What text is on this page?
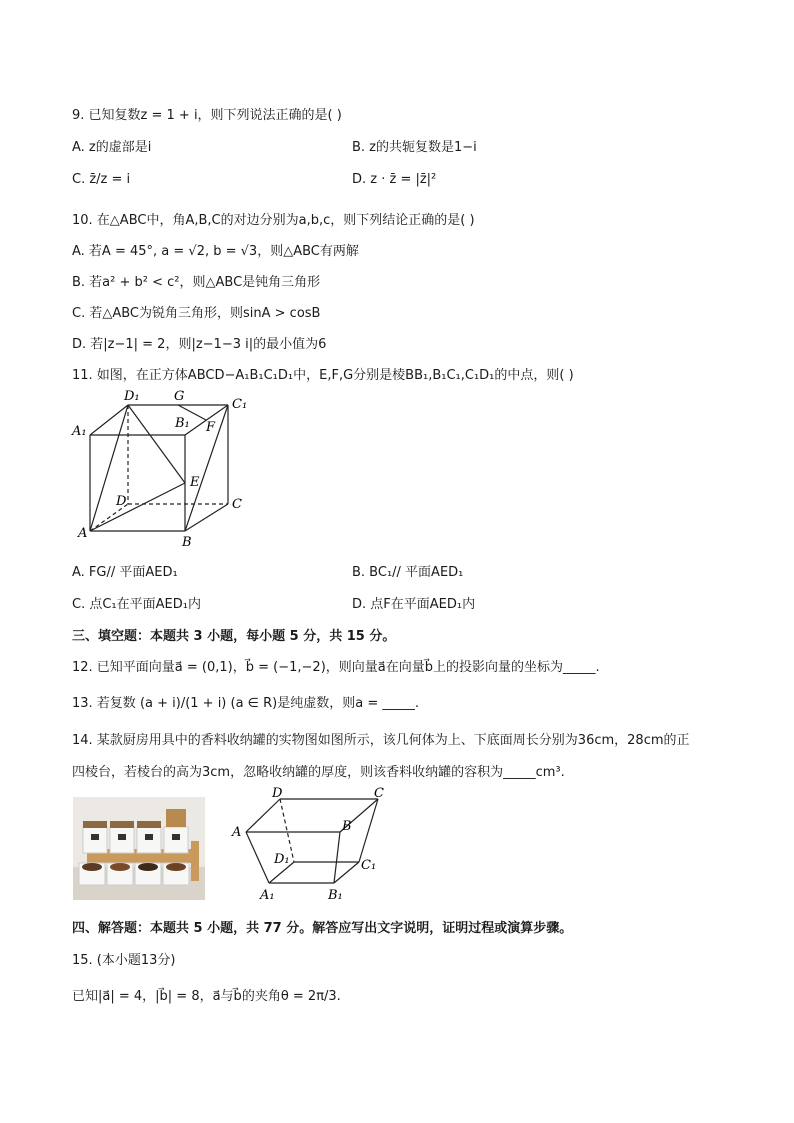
9. 已知复数z = 1 + i，则下列说法正确的是( )
A. z的虚部是i	B. z的共轭复数是1−i
C. z̄/z = i	D. z · z̄ = |z̄|²
10. 在△ABC中，角A,B,C的对边分别为a,b,c，则下列结论正确的是( )
A. 若A = 45°, a = √2, b = √3，则△ABC有两解
B. 若a² + b² < c²，则△ABC是钝角三角形
C. 若△ABC为锐角三角形，则sinA > cosB
D. 若|z−1| = 2，则|z−1−3 i|的最小值为6
11. 如图，在正方体ABCD−A₁B₁C₁D₁中，E,F,G分别是棱BB₁,B₁C₁,C₁D₁的中点，则( )
D₁	G
C₁
A₁
B₁ F
E
D	C
A
B
A. FG// 平面AED₁	B. BC₁// 平面AED₁
C. 点C₁在平面AED₁内	D. 点F在平面AED₁内
三、填空题：本题共 3 小题，每小题 5 分，共 15 分。
12. 已知平面向量a⃗ = (0,1)，b⃗ = (−1,−2)，则向量a⃗在向量b⃗上的投影向量的坐标为_____.
13. 若复数 (a + i)/(1 + i) (a ∈ R)是纯虚数，则a = _____.
14. 某款厨房用具中的香料收纳罐的实物图如图所示，该几何体为上、下底面周长分别为36cm，28cm的正
四棱台，若棱台的高为3cm，忽略收纳罐的厚度，则该香料收纳罐的容积为_____cm³.
D	C
A	B
D₁	C₁
A₁	B₁
四、解答题：本题共 5 小题，共 77 分。解答应写出文字说明，证明过程或演算步骤。
15. (本小题13分)
已知|a⃗| = 4，|b⃗| = 8，a⃗与b⃗的夹角θ = 2π/3.
